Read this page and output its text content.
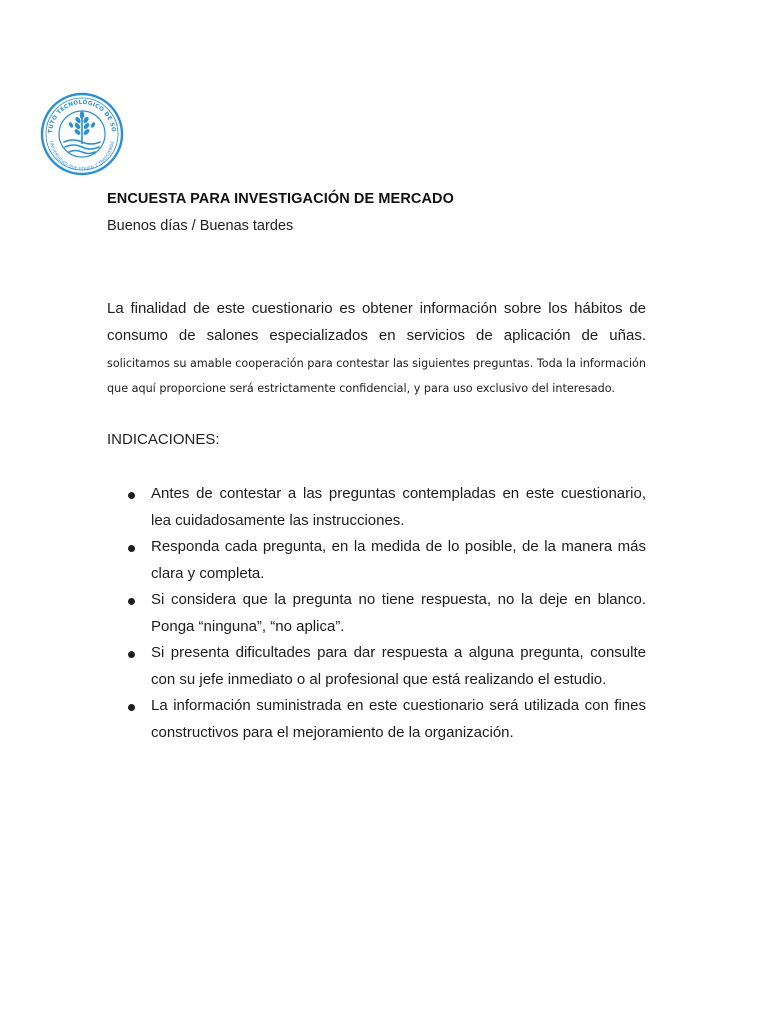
TUTO TECNOLÓGICO DE SO
UNIVERSIDAD QUE EDUCA Y TRASCIENDE
ENCUESTA PARA INVESTIGACIÓN DE MERCADO
Buenos días / Buenas tardes
La finalidad de este cuestionario es obtener información sobre los hábitos de consumo de salones especializados en servicios de aplicación de uñas.
solicitamos su amable cooperación para contestar las siguientes preguntas. Toda la información que aquí proporcione será estrictamente confidencial, y para uso exclusivo del interesado.
INDICACIONES:
Antes de contestar a las preguntas contempladas en este cuestionario, lea cuidadosamente las instrucciones.
Responda cada pregunta, en la medida de lo posible, de la manera más clara y completa.
Si considera que la pregunta no tiene respuesta, no la deje en blanco. Ponga “ninguna”, “no aplica”.
Si presenta dificultades para dar respuesta a alguna pregunta, consulte con su jefe inmediato o al profesional que está realizando el estudio.
La información suministrada en este cuestionario será utilizada con fines constructivos para el mejoramiento de la organización.
